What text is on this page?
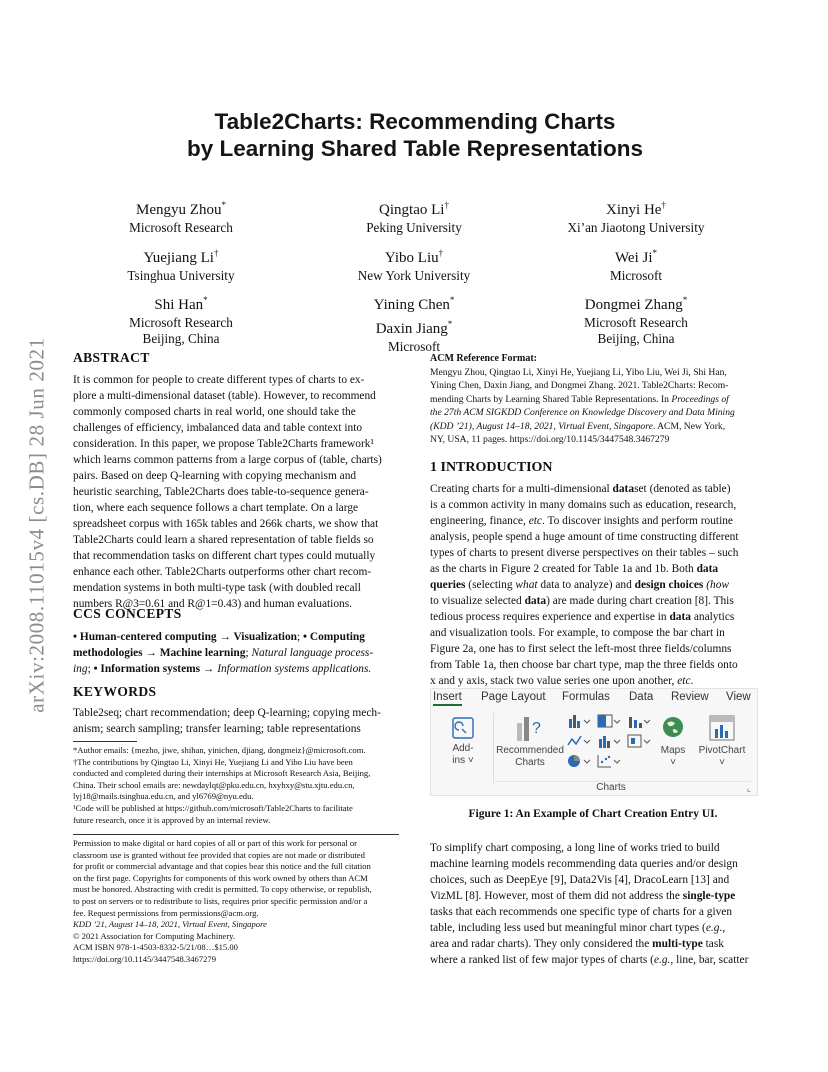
arXiv:2008.11015v4 [cs.DB] 28 Jun 2021
Table2Charts: Recommending Charts
by Learning Shared Table Representations
Mengyu Zhou*
Microsoft Research
Qingtao Li†
Peking University
Xinyi He†
Xi’an Jiaotong University
Yuejiang Li†
Tsinghua University
Yibo Liu†
New York University
Wei Ji*
Microsoft
Shi Han*
Microsoft Research
Beijing, China
Yining Chen*
Daxin Jiang*
Microsoft
Dongmei Zhang*
Microsoft Research
Beijing, China
ABSTRACT
It is common for people to create different types of charts to ex-
plore a multi-dimensional dataset (table). However, to recommend
commonly composed charts in real world, one should take the
challenges of efficiency, imbalanced data and table context into
consideration. In this paper, we propose Table2Charts framework¹
which learns common patterns from a large corpus of (table, charts)
pairs. Based on deep Q-learning with copying mechanism and
heuristic searching, Table2Charts does table-to-sequence genera-
tion, where each sequence follows a chart template. On a large
spreadsheet corpus with 165k tables and 266k charts, we show that
Table2Charts could learn a shared representation of table fields so
that recommendation tasks on different chart types could mutually
enhance each other. Table2Charts outperforms other chart recom-
mendation systems in both multi-type task (with doubled recall
numbers R@3=0.61 and R@1=0.43) and human evaluations.
CCS CONCEPTS
• Human-centered computing → Visualization; • Computing
methodologies → Machine learning; Natural language process-
ing; • Information systems → Information systems applications.
KEYWORDS
Table2seq; chart recommendation; deep Q-learning; copying mech-
anism; search sampling; transfer learning; table representations
*Author emails: {mezho, jiwe, shihan, yinichen, djiang, dongmeiz}@microsoft.com.
†The contributions by Qingtao Li, Xinyi He, Yuejiang Li and Yibo Liu have been
conducted and completed during their internships at Microsoft Research Asia, Beijing,
China. Their school emails are: newdaylqt@pku.edu.cn, hxyhxy@stu.xjtu.edu.cn,
lyj18@mails.tsinghua.edu.cn, and yl6769@nyu.edu.
¹Code will be published at https://github.com/microsoft/Table2Charts to facilitate
future research, once it is approved by an internal review.
Permission to make digital or hard copies of all or part of this work for personal or
classroom use is granted without fee provided that copies are not made or distributed
for profit or commercial advantage and that copies bear this notice and the full citation
on the first page. Copyrights for components of this work owned by others than ACM
must be honored. Abstracting with credit is permitted. To copy otherwise, or republish,
to post on servers or to redistribute to lists, requires prior specific permission and/or a
fee. Request permissions from permissions@acm.org.
KDD ’21, August 14–18, 2021, Virtual Event, Singapore
© 2021 Association for Computing Machinery.
ACM ISBN 978-1-4503-8332-5/21/08…$15.00
https://doi.org/10.1145/3447548.3467279
ACM Reference Format:
Mengyu Zhou, Qingtao Li, Xinyi He, Yuejiang Li, Yibo Liu, Wei Ji, Shi Han,
Yining Chen, Daxin Jiang, and Dongmei Zhang. 2021. Table2Charts: Recom-
mending Charts by Learning Shared Table Representations. In Proceedings of
the 27th ACM SIGKDD Conference on Knowledge Discovery and Data Mining
(KDD ’21), August 14–18, 2021, Virtual Event, Singapore. ACM, New York,
NY, USA, 11 pages. https://doi.org/10.1145/3447548.3467279
1 INTRODUCTION
Creating charts for a multi-dimensional dataset (denoted as table)
is a common activity in many domains such as education, research,
engineering, finance, etc. To discover insights and perform routine
analysis, people spend a huge amount of time constructing different
types of charts to present diverse perspectives on their tables – such
as the charts in Figure 2 created for Table 1a and 1b. Both data
queries (selecting what data to analyze) and design choices (how
to visualize selected data) are made during chart creation [8]. This
tedious process requires experience and expertise in data analytics
and visualization tools. For example, to compose the bar chart in
Figure 2a, one has to first select the left-most three fields/columns
from Table 1a, then choose bar chart type, map the three fields onto
x and y axis, stack two value series one upon another, etc.
Insert Page Layout Formulas Data Review View
Add-
ins ˅
?
Recommended
Charts
Maps
˅
PivotChart
˅
Charts	⌞
Figure 1: An Example of Chart Creation Entry UI.
To simplify chart composing, a long line of works tried to build
machine learning models recommending data queries and/or design
choices, such as DeepEye [9], Data2Vis [4], DracoLearn [13] and
VizML [8]. However, most of them did not address the single-type
tasks that each recommends one specific type of charts for a given
table, including less used but meaningful minor chart types (e.g.,
area and radar charts). They only considered the multi-type task
where a ranked list of few major types of charts (e.g., line, bar, scatter
